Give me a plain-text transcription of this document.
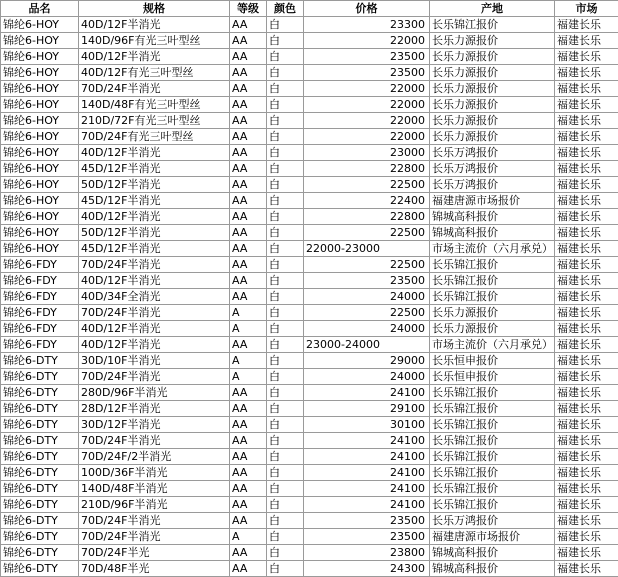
品名	规格	等级	颜色	价格	产地	市场
锦纶6-HOY	40D/12F半消光	AA	白	23300	长乐锦江报价	福建长乐
锦纶6-HOY	140D/96F有光三叶型丝	AA	白	22000	长乐力源报价	福建长乐
锦纶6-HOY	40D/12F半消光	AA	白	23500	长乐力源报价	福建长乐
锦纶6-HOY	40D/12F有光三叶型丝	AA	白	23500	长乐力源报价	福建长乐
锦纶6-HOY	70D/24F半消光	AA	白	22000	长乐力源报价	福建长乐
锦纶6-HOY	140D/48F有光三叶型丝	AA	白	22000	长乐力源报价	福建长乐
锦纶6-HOY	210D/72F有光三叶型丝	AA	白	22000	长乐力源报价	福建长乐
锦纶6-HOY	70D/24F有光三叶型丝	AA	白	22000	长乐力源报价	福建长乐
锦纶6-HOY	40D/12F半消光	AA	白	23000	长乐万鸿报价	福建长乐
锦纶6-HOY	45D/12F半消光	AA	白	22800	长乐万鸿报价	福建长乐
锦纶6-HOY	50D/12F半消光	AA	白	22500	长乐万鸿报价	福建长乐
锦纶6-HOY	45D/12F半消光	AA	白	22400	福建唐源市场报价	福建长乐
锦纶6-HOY	40D/12F半消光	AA	白	22800	锦城高科报价	福建长乐
锦纶6-HOY	50D/12F半消光	AA	白	22500	锦城高科报价	福建长乐
锦纶6-HOY	45D/12F半消光	AA	白	22000-23000	市场主流价（六月承兑）	福建长乐
锦纶6-FDY	70D/24F半消光	AA	白	22500	长乐锦江报价	福建长乐
锦纶6-FDY	40D/12F半消光	AA	白	23500	长乐锦江报价	福建长乐
锦纶6-FDY	40D/34F全消光	AA	白	24000	长乐锦江报价	福建长乐
锦纶6-FDY	70D/24F半消光	A	白	22500	长乐力源报价	福建长乐
锦纶6-FDY	40D/12F半消光	A	白	24000	长乐力源报价	福建长乐
锦纶6-FDY	40D/12F半消光	AA	白	23000-24000	市场主流价（六月承兑）	福建长乐
锦纶6-DTY	30D/10F半消光	A	白	29000	长乐恒申报价	福建长乐
锦纶6-DTY	70D/24F半消光	A	白	24000	长乐恒申报价	福建长乐
锦纶6-DTY	280D/96F半消光	AA	白	24100	长乐锦江报价	福建长乐
锦纶6-DTY	28D/12F半消光	AA	白	29100	长乐锦江报价	福建长乐
锦纶6-DTY	30D/12F半消光	AA	白	30100	长乐锦江报价	福建长乐
锦纶6-DTY	70D/24F半消光	AA	白	24100	长乐锦江报价	福建长乐
锦纶6-DTY	70D/24F/2半消光	AA	白	24100	长乐锦江报价	福建长乐
锦纶6-DTY	100D/36F半消光	AA	白	24100	长乐锦江报价	福建长乐
锦纶6-DTY	140D/48F半消光	AA	白	24100	长乐锦江报价	福建长乐
锦纶6-DTY	210D/96F半消光	AA	白	24100	长乐锦江报价	福建长乐
锦纶6-DTY	70D/24F半消光	AA	白	23500	长乐万鸿报价	福建长乐
锦纶6-DTY	70D/24F半消光	A	白	23500	福建唐源市场报价	福建长乐
锦纶6-DTY	70D/24F半光	AA	白	23800	锦城高科报价	福建长乐
锦纶6-DTY	70D/48F半光	AA	白	24300	锦城高科报价	福建长乐
